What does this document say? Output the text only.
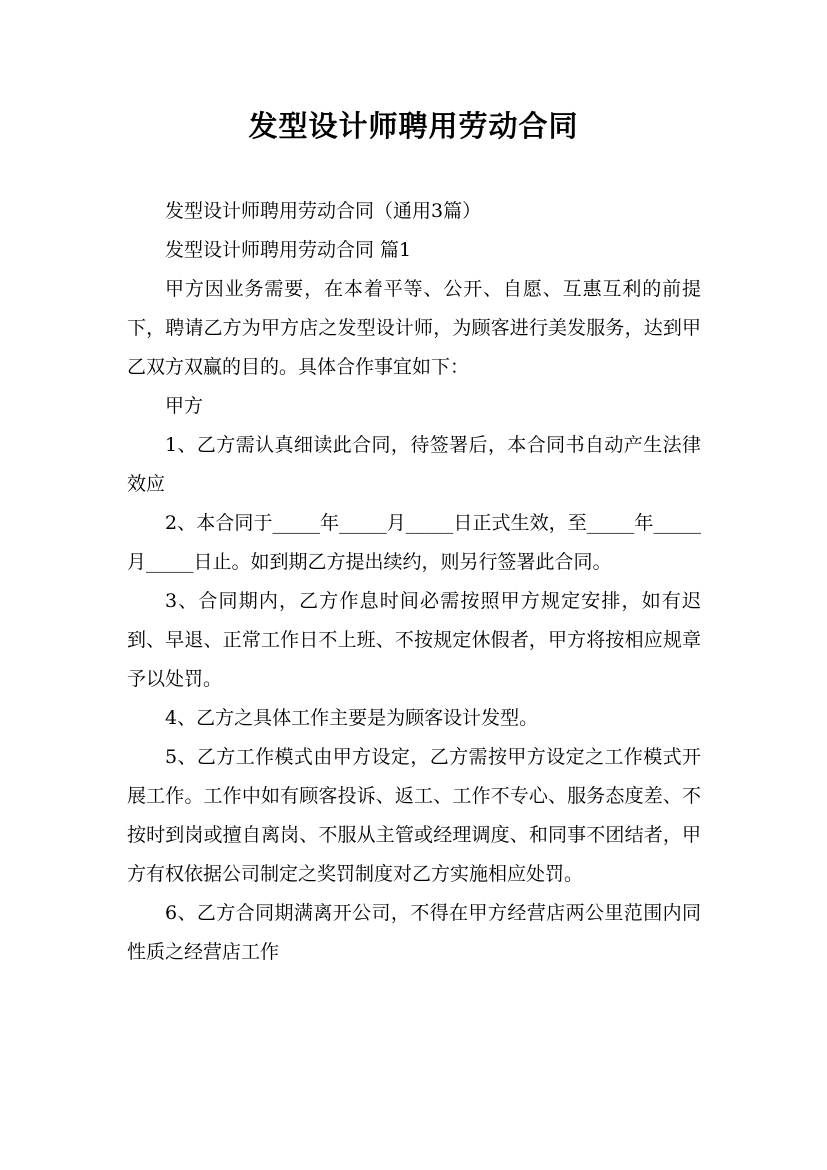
发型设计师聘用劳动合同

发型设计师聘用劳动合同（通用3篇）

发型设计师聘用劳动合同 篇1

甲方因业务需要，在本着平等、公开、自愿、互惠互利的前提下，聘请乙方为甲方店之发型设计师，为顾客进行美发服务，达到甲乙双方双赢的目的。具体合作事宜如下：

甲方

1、乙方需认真细读此合同，待签署后，本合同书自动产生法律效应

2、本合同于_____年_____月_____日正式生效，至_____年_____月_____日止。如到期乙方提出续约，则另行签署此合同。

3、合同期内，乙方作息时间必需按照甲方规定安排，如有迟到、早退、正常工作日不上班、不按规定休假者，甲方将按相应规章予以处罚。

4、乙方之具体工作主要是为顾客设计发型。

5、乙方工作模式由甲方设定，乙方需按甲方设定之工作模式开展工作。工作中如有顾客投诉、返工、工作不专心、服务态度差、不按时到岗或擅自离岗、不服从主管或经理调度、和同事不团结者，甲方有权依据公司制定之奖罚制度对乙方实施相应处罚。

6、乙方合同期满离开公司，不得在甲方经营店两公里范围内同性质之经营店工作
